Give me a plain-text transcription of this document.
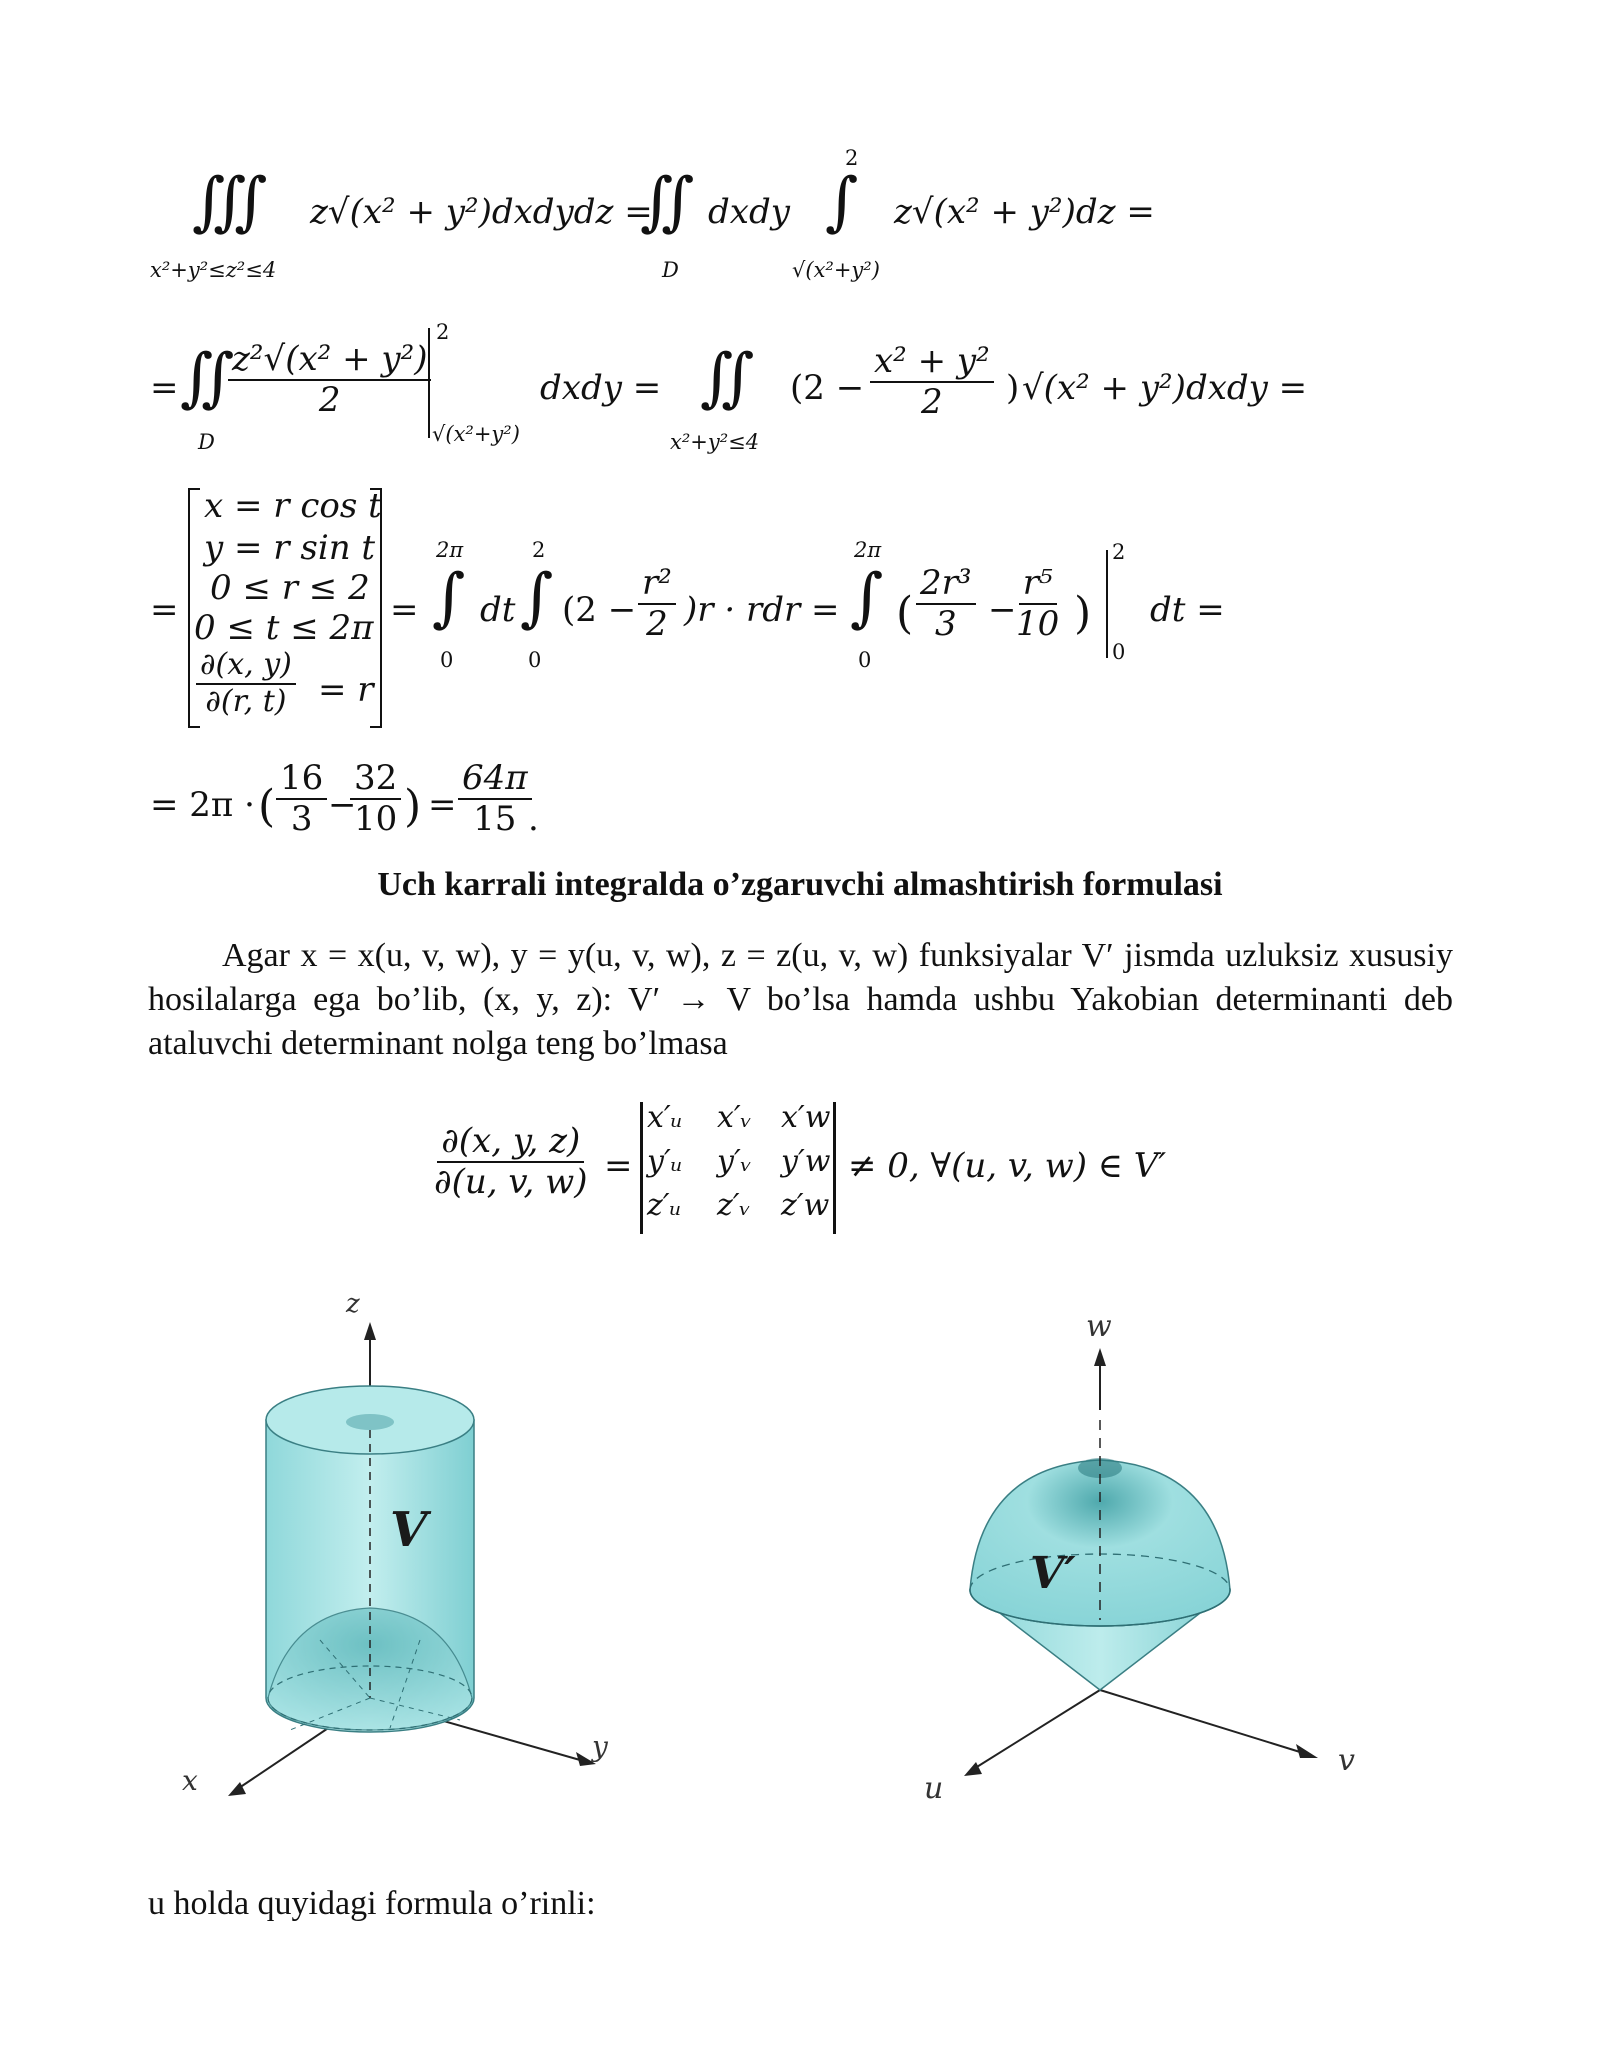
∭
x²+y²≤z²≤4
z√(x² + y²)dxdydz =
∬
D
dxdy
2
∫
√(x²+y²)
z√(x² + y²)dz =
= ∬
D
$\frac{\text{z²√(x² + y²)}}{2}$
2
√(x²+y²)
dxdy = ∬
x²+y²≤4
($2 - \frac{\text{x² + y²}}{2}$ ) √(x² + y²)dxdy =
=
x = r cos t
y = r sin t
0 ≤ r ≤ 2
0 ≤ t ≤ 2π
$\frac{\partial(x, y)}{\partial(r, t)} = r$
=
2π
∫
0
dt
2
∫
0
$(2 - \frac{\text{r²}}{2} )r$ · rdr =
2π
∫
0
( $\frac{\text{2r³}}{3}$ −
$\frac{\text{r⁵}}{10}$ )
2
0
dt =
= 2π · ( $\frac{16}{3}$ −
$\frac{32}{10}$ ) = $\frac{64\pi}{15}$
.
Uch karrali integralda o’zgaruvchi almashtirish formulasi
Agar x = x(u, v, w), y = y(u, v, w), z = z(u, v, w) funksiyalar V′ jismda uzluksiz xususiy hosilalarga ega bo’lib, (x, y, z): V′ → V bo’lsa hamda ushbu Yakobian determinanti deb ataluvchi determinant nolga teng bo’lmasa
$\frac{\partial(x, y, z)}{\partial(u, v, w)}$ =
x′ᵤ x′ᵥ x′w
y′ᵤ y′ᵥ y′w
z′ᵤ z′ᵥ z′w
≠ 0, ∀(u, v, w) ∈ V′
z
y
x
V
w
v
u
V′
u holda quyidagi formula o’rinli:
